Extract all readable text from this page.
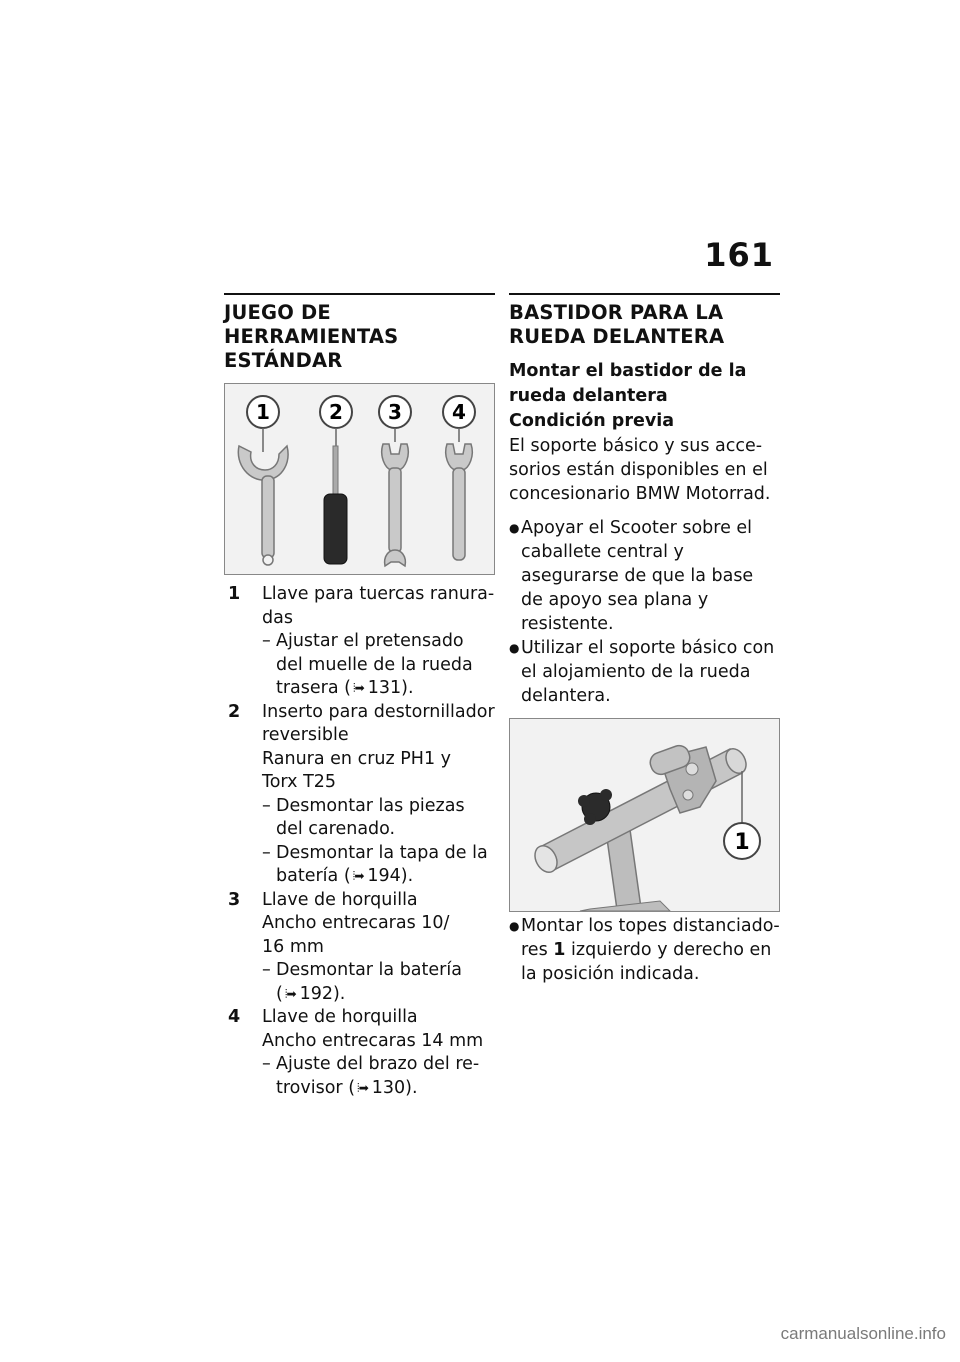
161
JUEGO DE HERRAMIENTAS ESTÁNDAR
1	2 3	4
1	Llave para tuercas ranura-
das
– Ajustar el pretensado
del muelle de la rueda
trasera ( ⦙➡ 131).
2	Inserto para destornillador
reversible
Ranura en cruz PH1 y
Torx T25
– Desmontar las piezas
del carenado.
– Desmontar la tapa de la
batería ( ⦙➡ 194).
3	Llave de horquilla
Ancho entrecaras 10/
16 mm
– Desmontar la batería
( ⦙➡ 192).
4	Llave de horquilla
Ancho entrecaras 14 mm
– Ajuste del brazo del re-
trovisor ( ⦙➡ 130).
BASTIDOR PARA LA RUEDA DELANTERA
Montar el bastidor de la rueda delantera
Condición previa

El soporte básico y sus accesorios están disponibles en el concesionario BMW Motorrad.

● Apoyar el Scooter sobre el caballete central y asegurarse de que la base de apoyo sea plana y resistente.
● Utilizar el soporte básico con el alojamiento de la rueda delantera.
1
● Montar los topes distanciadores 1 izquierdo y derecho en la posición indicada.
carmanualsonline.info
